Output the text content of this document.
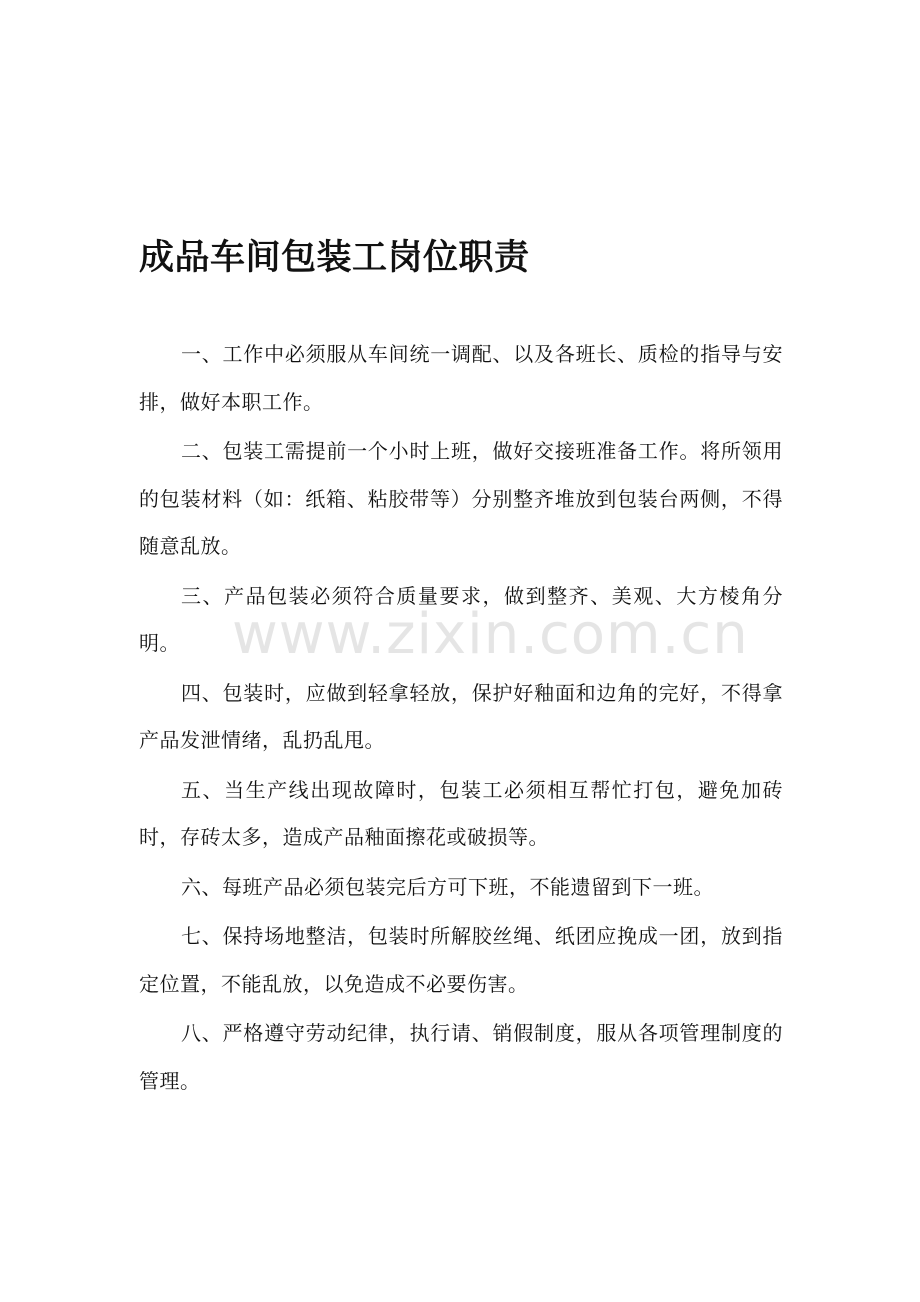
成品车间包装工岗位职责

一、工作中必须服从车间统一调配、以及各班长、质检的指导与安排，做好本职工作。

二、包装工需提前一个小时上班，做好交接班准备工作。将所领用的包装材料（如：纸箱、粘胶带等）分别整齐堆放到包装台两侧，不得随意乱放。

三、产品包装必须符合质量要求，做到整齐、美观、大方棱角分明。

四、包装时，应做到轻拿轻放，保护好釉面和边角的完好，不得拿产品发泄情绪，乱扔乱甩。

五、当生产线出现故障时，包装工必须相互帮忙打包，避免加砖时，存砖太多，造成产品釉面擦花或破损等。

六、每班产品必须包装完后方可下班，不能遗留到下一班。

七、保持场地整洁，包装时所解胶丝绳、纸团应挽成一团，放到指定位置，不能乱放，以免造成不必要伤害。

八、严格遵守劳动纪律，执行请、销假制度，服从各项管理制度的管理。

www.zixin.com.cn
